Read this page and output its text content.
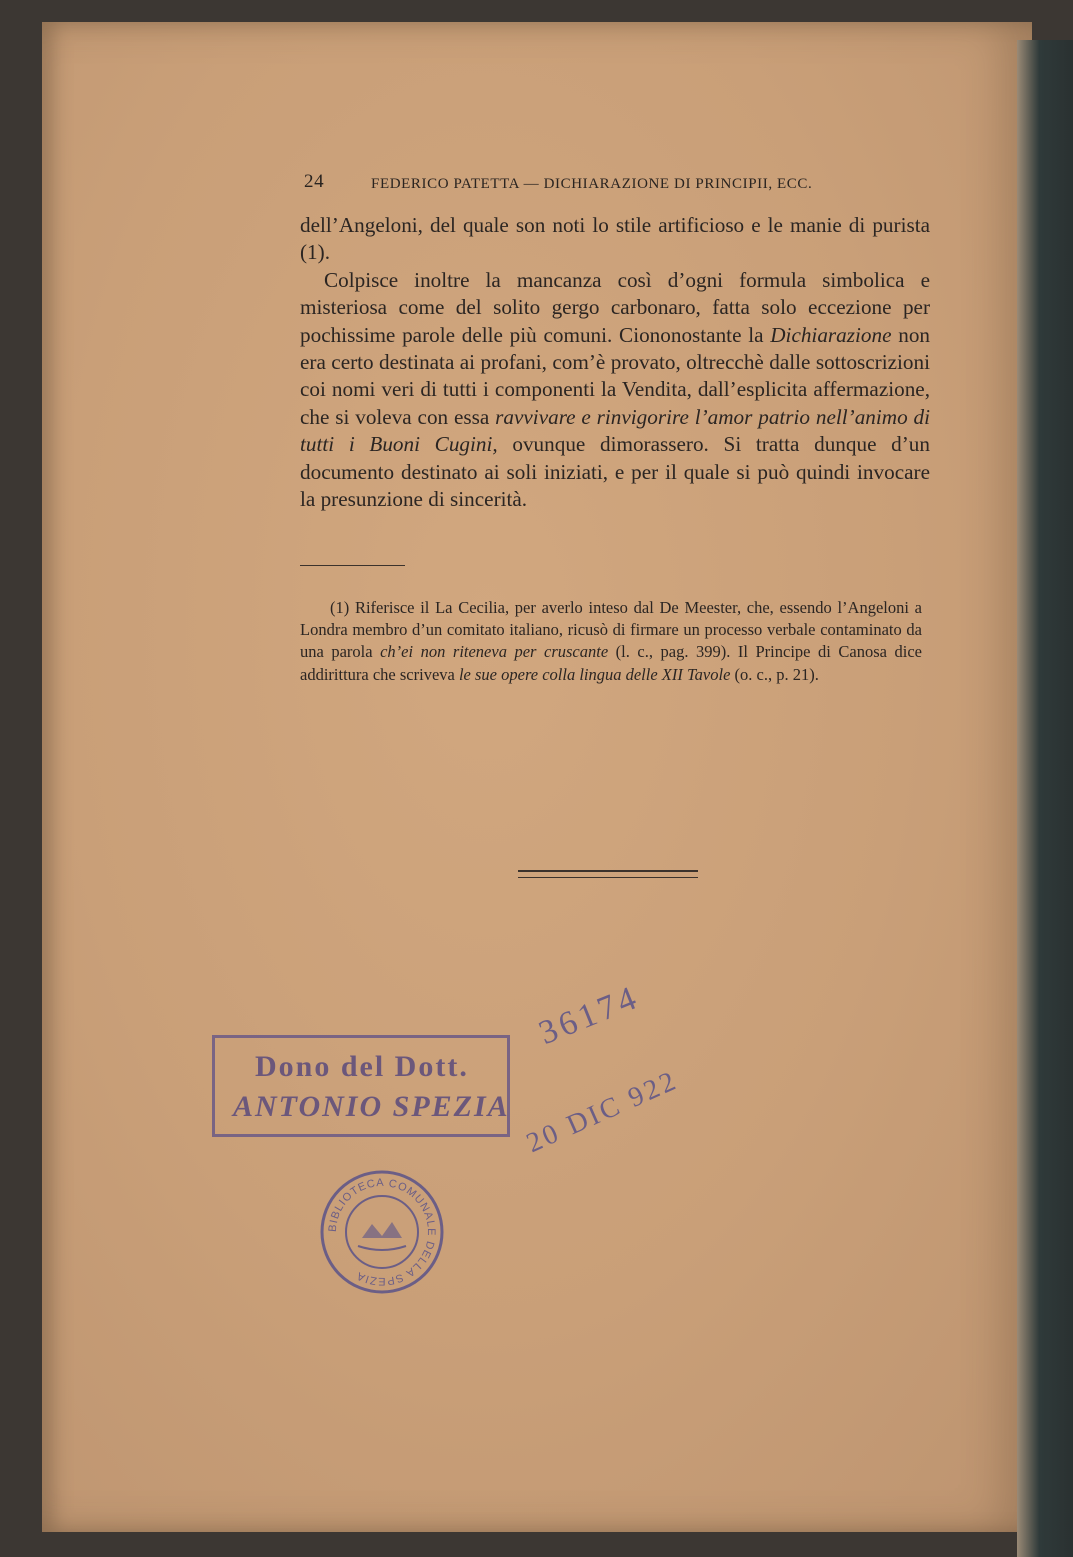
24	FEDERICO PATETTA — DICHIARAZIONE DI PRINCIPII, ECC.

dell’Angeloni, del quale son noti lo stile artificioso e le manie di purista (1).

Colpisce inoltre la mancanza così d’ogni formula simbolica e misteriosa come del solito gergo carbonaro, fatta solo eccezione per pochissime parole delle più comuni. Ciononostante la Dichiarazione non era certo destinata ai profani, com’è provato, oltrecchè dalle sottoscrizioni coi nomi veri di tutti i componenti la Vendita, dall’esplicita affermazione, che si voleva con essa ravvivare e rinvigorire l’amor patrio nell’animo di tutti i Buoni Cugini, ovunque dimorassero. Si tratta dunque d’un documento destinato ai soli iniziati, e per il quale si può quindi invocare la presunzione di sincerità.

(1) Riferisce il La Cecilia, per averlo inteso dal De Meester, che, essendo l’Angeloni a Londra membro d’un comitato italiano, ricusò di firmare un processo verbale contaminato da una parola ch’ei non riteneva per cruscante (l. c., pag. 399). Il Principe di Canosa dice addirittura che scriveva le sue opere colla lingua delle XII Tavole (o. c., p. 21).

Dono del Dott.
ANTONIO SPEZIA
36174
20 DIC 922
BIBLIOTECA COMUNALE DELLA SPEZIA
